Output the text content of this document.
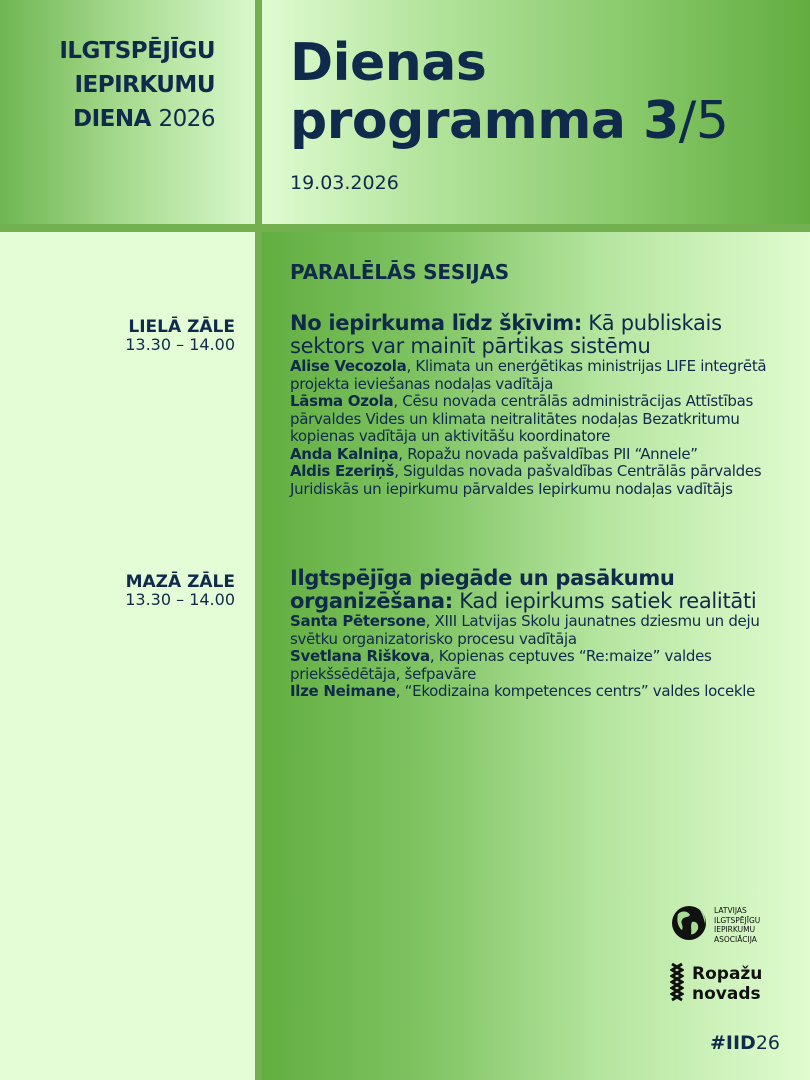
ILGTSPĒJĪGU
IEPIRKUMU
DIENA 2026
Dienas
programma 3/5
19.03.2026
LIELĀ ZĀLE
13.30 – 14.00
MAZĀ ZĀLE
13.30 – 14.00
PARALĒLĀS SESIJAS
No iepirkuma līdz šķīvim: Kā publiskais sektors var mainīt pārtikas sistēmu
Alise Vecozola, Klimata un enerģētikas ministrijas LIFE integrētā projekta ieviešanas nodaļas vadītāja
Lāsma Ozola, Cēsu novada centrālās administrācijas Attīstības pārvaldes Vides un klimata neitralitātes nodaļas Bezatkritumu kopienas vadītāja un aktivitāšu koordinatore
Anda Kalniņa, Ropažu novada pašvaldības PII “Annele”
Aldis Ezeriņš, Siguldas novada pašvaldības Centrālās pārvaldes Juridiskās un iepirkumu pārvaldes Iepirkumu nodaļas vadītājs
Ilgtspējīga piegāde un pasākumu organizēšana: Kad iepirkums satiek realitāti
Santa Pētersone, XIII Latvijas Skolu jaunatnes dziesmu un deju svētku organizatorisko procesu vadītāja
Svetlana Riškova, Kopienas ceptuves “Re:maize” valdes priekšsēdētāja, šefpavāre
Ilze Neimane, “Ekodizaina kompetences centrs” valdes locekle
LATVIJAS
ILGTSPĒJĪGU
IEPIRKUMU
ASOCIĀCIJA
Ropažu
novads
#IID26
